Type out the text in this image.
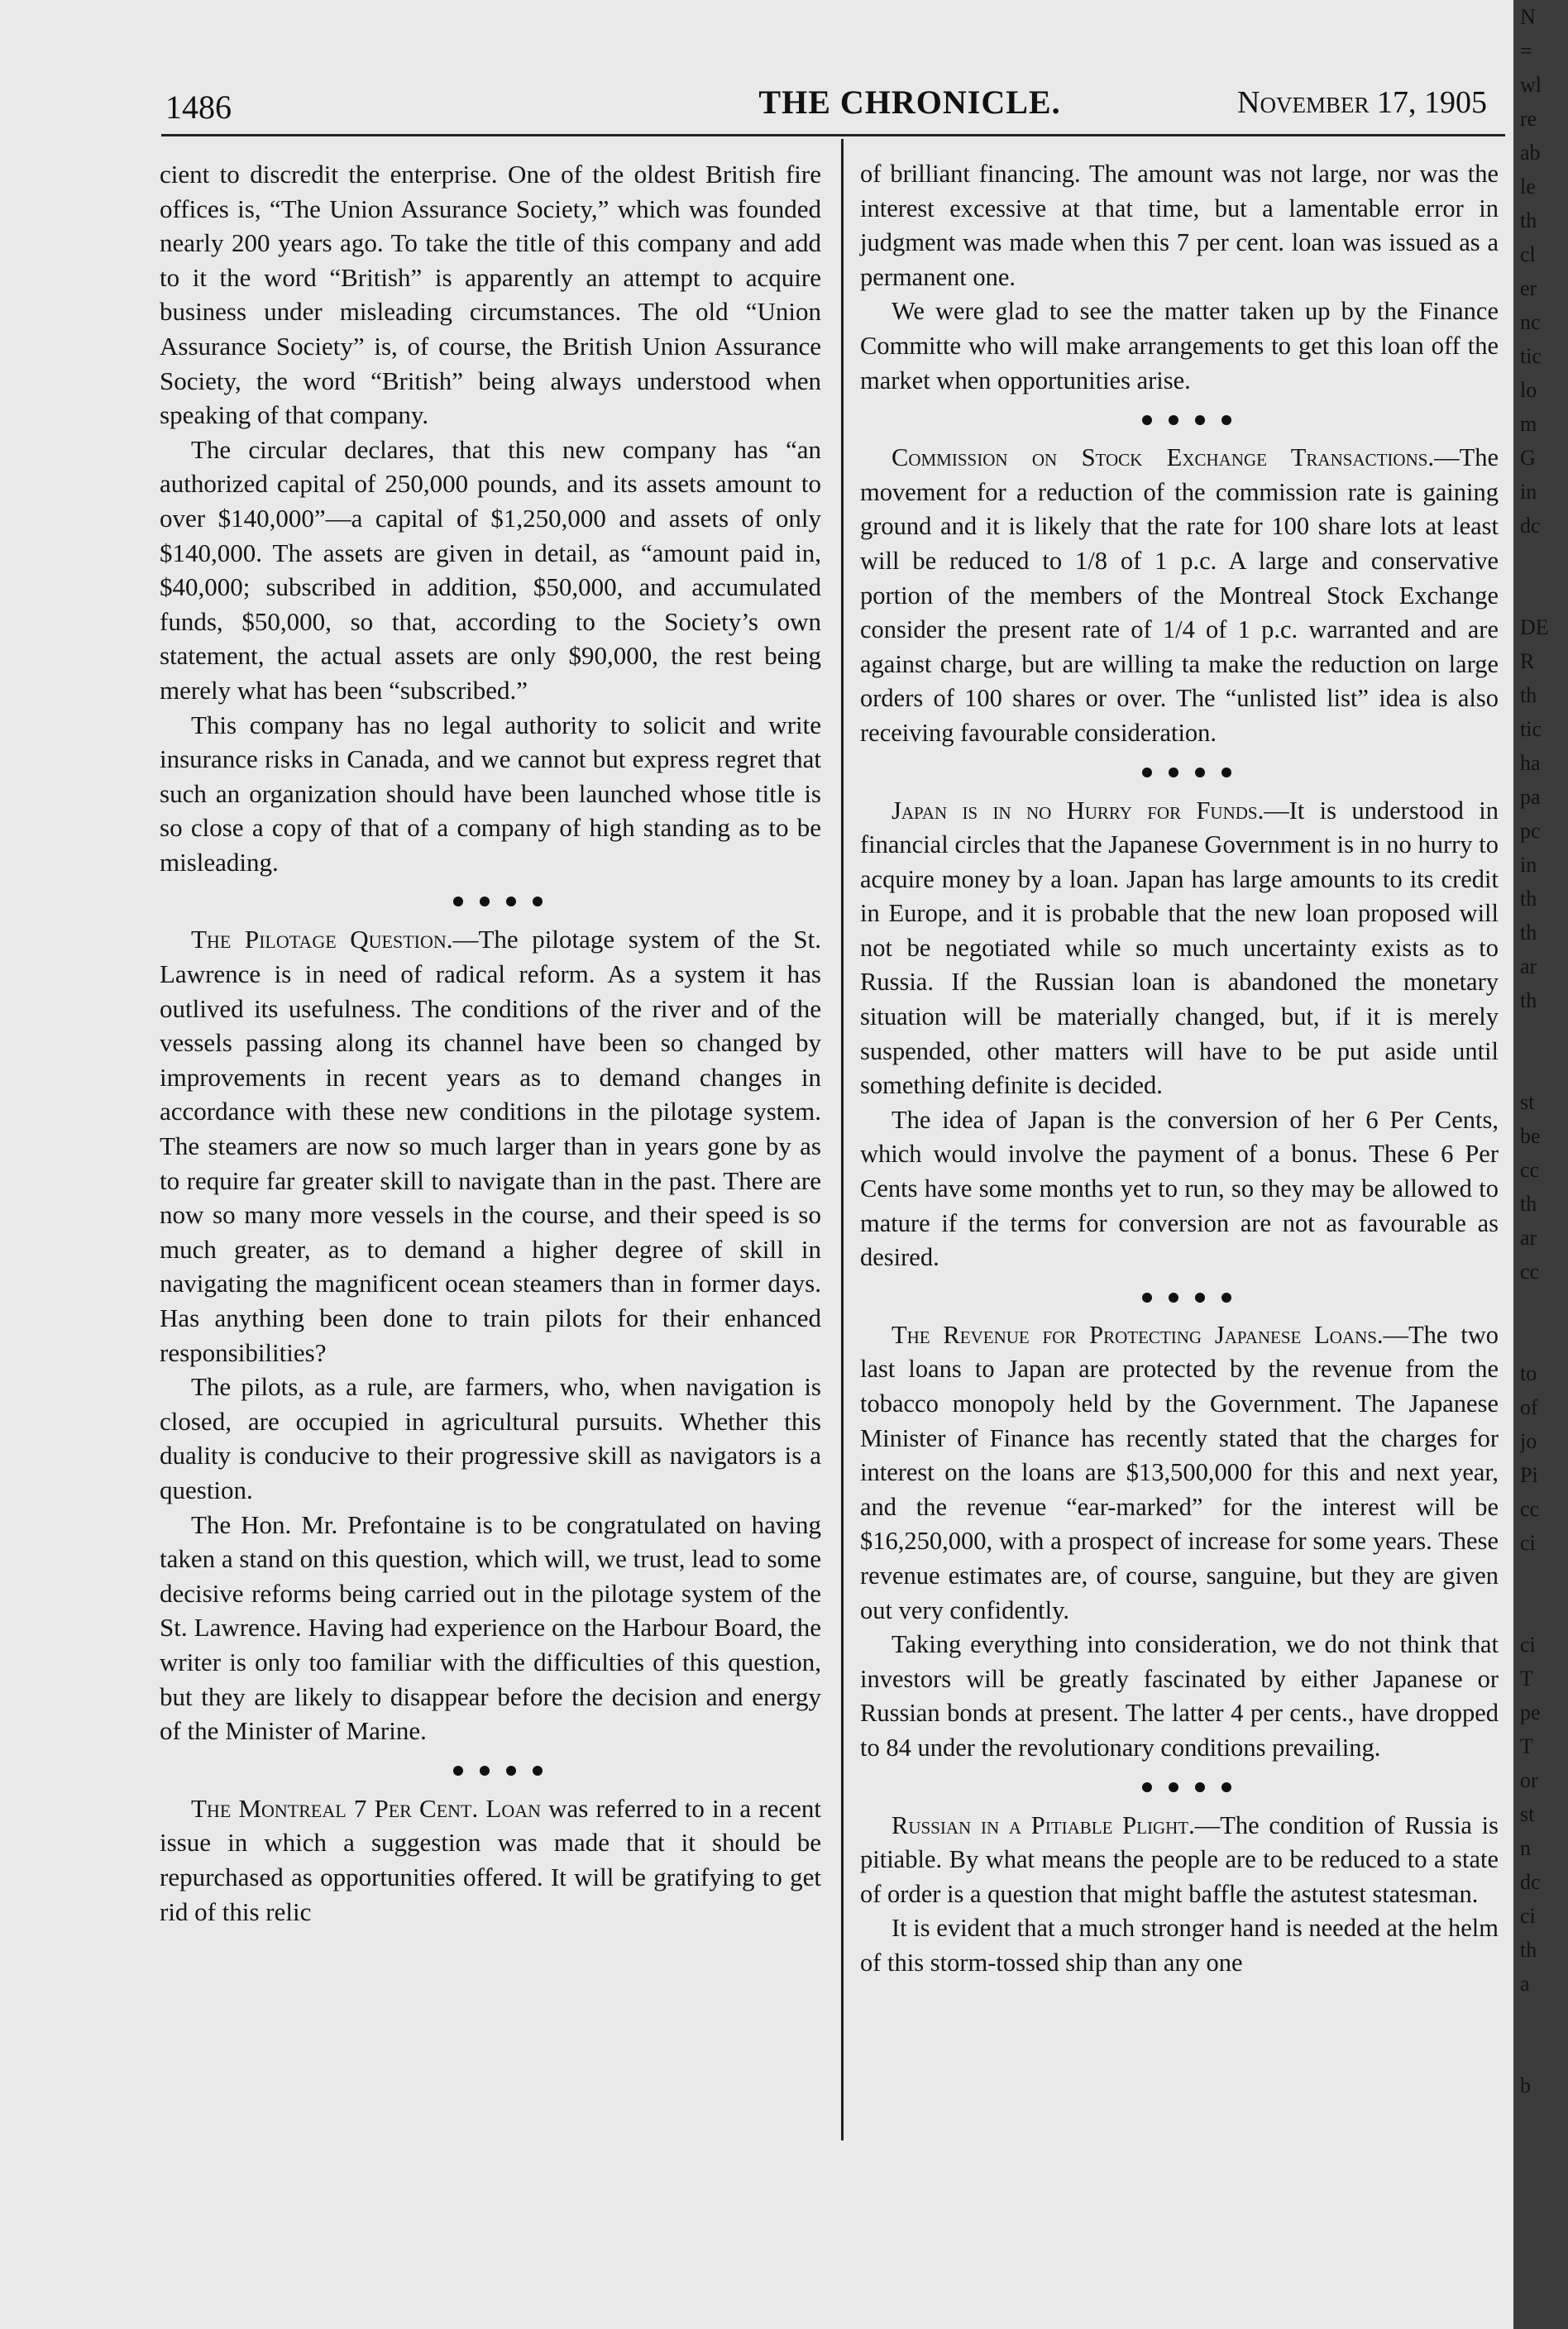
1486	THE CHRONICLE.	November 17, 1905

cient to discredit the enterprise. One of the oldest British fire offices is, “The Union Assurance Society,” which was founded nearly 200 years ago. To take the title of this company and add to it the word “British” is apparently an attempt to acquire business under misleading circumstances. The old “Union Assurance Society” is, of course, the British Union Assurance Society, the word “British” being always understood when speaking of that company.

The circular declares, that this new company has “an authorized capital of 250,000 pounds, and its assets amount to over $140,000”—a capital of $1,250,000 and assets of only $140,000. The assets are given in detail, as “amount paid in, $40,000; subscribed in addition, $50,000, and accumulated funds, $50,000, so that, according to the Society’s own statement, the actual assets are only $90,000, the rest being merely what has been “subscribed.”

This company has no legal authority to solicit and write insurance risks in Canada, and we cannot but express regret that such an organization should have been launched whose title is so close a copy of that of a company of high standing as to be misleading.

The Pilotage Question.—The pilotage system of the St. Lawrence is in need of radical reform. As a system it has outlived its usefulness. The conditions of the river and of the vessels passing along its channel have been so changed by improvements in recent years as to demand changes in accordance with these new conditions in the pilotage system. The steamers are now so much larger than in years gone by as to require far greater skill to navigate than in the past. There are now so many more vessels in the course, and their speed is so much greater, as to demand a higher degree of skill in navigating the magnificent ocean steamers than in former days. Has anything been done to train pilots for their enhanced responsibilities?

The pilots, as a rule, are farmers, who, when navigation is closed, are occupied in agricultural pursuits. Whether this duality is conducive to their progressive skill as navigators is a question.

The Hon. Mr. Prefontaine is to be congratulated on having taken a stand on this question, which will, we trust, lead to some decisive reforms being carried out in the pilotage system of the St. Lawrence. Having had experience on the Harbour Board, the writer is only too familiar with the difficulties of this question, but they are likely to disappear before the decision and energy of the Minister of Marine.

The Montreal 7 Per Cent. Loan was referred to in a recent issue in which a suggestion was made that it should be repurchased as opportunities offered. It will be gratifying to get rid of this relic

of brilliant financing. The amount was not large, nor was the interest excessive at that time, but a lamentable error in judgment was made when this 7 per cent. loan was issued as a permanent one.

We were glad to see the matter taken up by the Finance Committe who will make arrangements to get this loan off the market when opportunities arise.

Commission on Stock Exchange Transactions.—The movement for a reduction of the commission rate is gaining ground and it is likely that the rate for 100 share lots at least will be reduced to 1/8 of 1 p.c. A large and conservative portion of the members of the Montreal Stock Exchange consider the present rate of 1/4 of 1 p.c. warranted and are against charge, but are willing ta make the reduction on large orders of 100 shares or over. The “unlisted list” idea is also receiving favourable consideration.

Japan is in no Hurry for Funds.—It is understood in financial circles that the Japanese Government is in no hurry to acquire money by a loan. Japan has large amounts to its credit in Europe, and it is probable that the new loan proposed will not be negotiated while so much uncertainty exists as to Russia. If the Russian loan is abandoned the monetary situation will be materially changed, but, if it is merely suspended, other matters will have to be put aside until something definite is decided.

The idea of Japan is the conversion of her 6 Per Cents, which would involve the payment of a bonus. These 6 Per Cents have some months yet to run, so they may be allowed to mature if the terms for conversion are not as favourable as desired.

The Revenue for Protecting Japanese Loans.—The two last loans to Japan are protected by the revenue from the tobacco monopoly held by the Government. The Japanese Minister of Finance has recently stated that the charges for interest on the loans are $13,500,000 for this and next year, and the revenue “ear-marked” for the interest will be $16,250,000, with a prospect of increase for some years. These revenue estimates are, of course, sanguine, but they are given out very confidently.

Taking everything into consideration, we do not think that investors will be greatly fascinated by either Japanese or Russian bonds at present. The latter 4 per cents., have dropped to 84 under the revolutionary conditions prevailing.

Russian in a Pitiable Plight.—The condition of Russia is pitiable. By what means the people are to be reduced to a state of order is a question that might baffle the astutest statesman.

It is evident that a much stronger hand is needed at the helm of this storm-tossed ship than any one

N
=
wl
re
ab
le
th
cl
er
nc
tic
lo
m
G
in
dc
DE
R
th
tic
ha
pa
pc
in
th
th
ar
th
st
be
cc
th
ar
cc
to
of
jo
Pi
cc
ci
ci
T
pe
T
or
st
n
dc
ci
th
a
b
